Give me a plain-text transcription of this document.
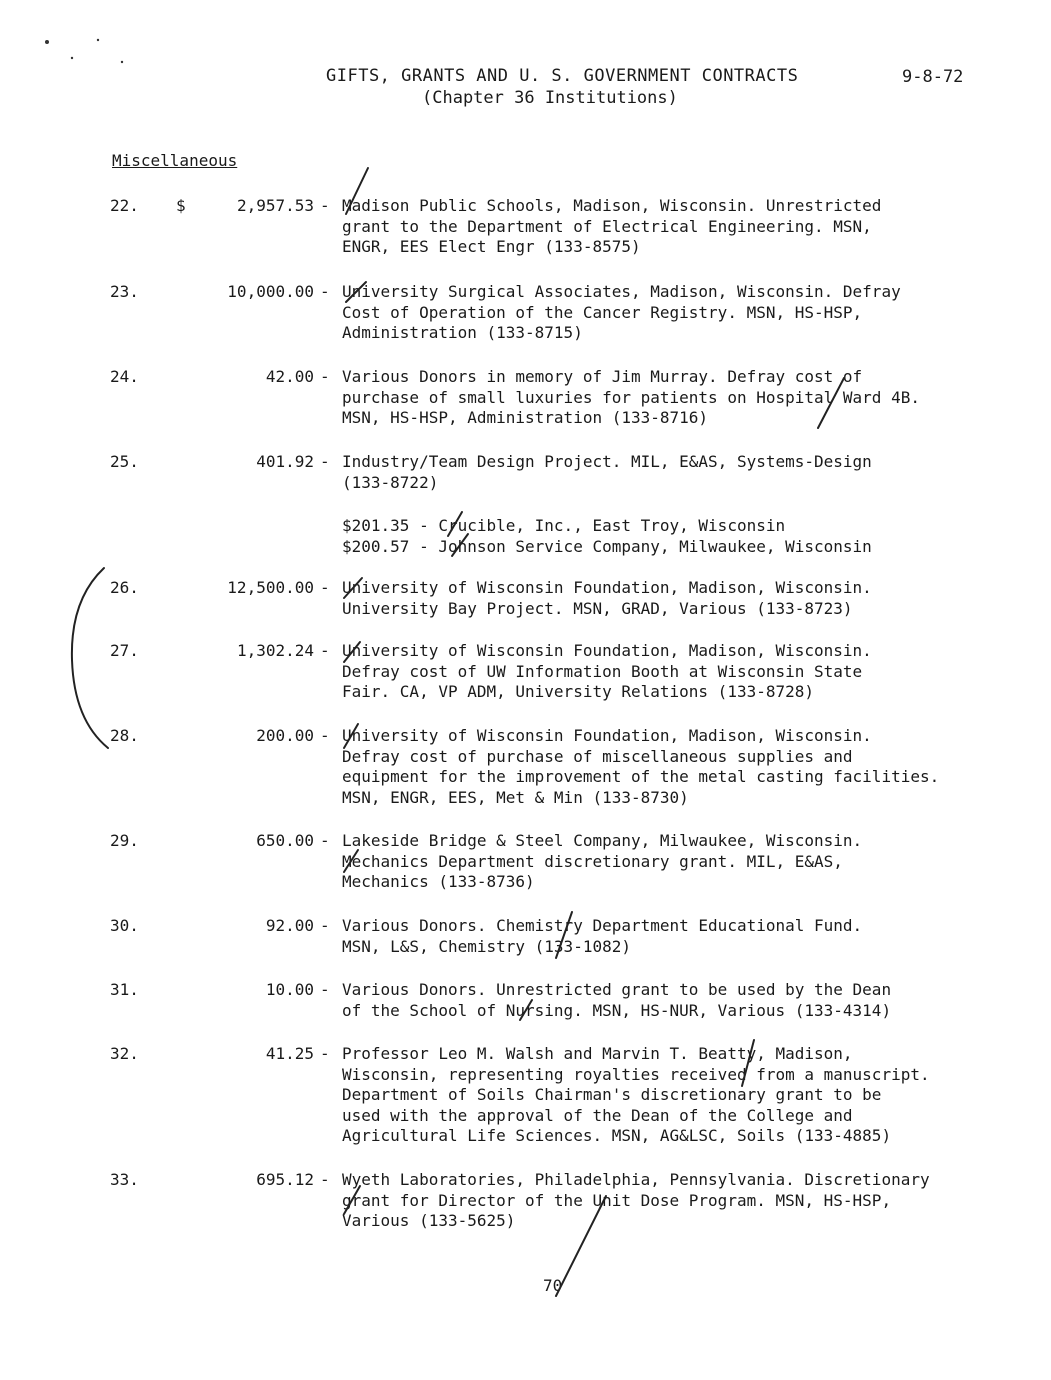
GIFTS, GRANTS AND U. S. GOVERNMENT CONTRACTS
(Chapter 36 Institutions)
9-8-72
Miscellaneous
22. $	2,957.53 - Madison Public Schools, Madison, Wisconsin. Unrestricted
grant to the Department of Electrical Engineering. MSN,
ENGR, EES Elect Engr (133-8575)
23.	10,000.00 - University Surgical Associates, Madison, Wisconsin. Defray
Cost of Operation of the Cancer Registry. MSN, HS-HSP,
Administration (133-8715)
24.	42.00 - Various Donors in memory of Jim Murray. Defray cost of
purchase of small luxuries for patients on Hospital Ward 4B.
MSN, HS-HSP, Administration (133-8716)
25.	401.92 - Industry/Team Design Project. MIL, E&AS, Systems-Design
(133-8722)
$201.35 - Crucible, Inc., East Troy, Wisconsin
$200.57 - Johnson Service Company, Milwaukee, Wisconsin
26.	12,500.00 - University of Wisconsin Foundation, Madison, Wisconsin.
University Bay Project. MSN, GRAD, Various (133-8723)
27.	1,302.24 - University of Wisconsin Foundation, Madison, Wisconsin.
Defray cost of UW Information Booth at Wisconsin State
Fair. CA, VP ADM, University Relations (133-8728)
28.	200.00 - University of Wisconsin Foundation, Madison, Wisconsin.
Defray cost of purchase of miscellaneous supplies and
equipment for the improvement of the metal casting facilities.
MSN, ENGR, EES, Met & Min (133-8730)
29.	650.00 - Lakeside Bridge & Steel Company, Milwaukee, Wisconsin.
Mechanics Department discretionary grant. MIL, E&AS,
Mechanics (133-8736)
30.	92.00 - Various Donors. Chemistry Department Educational Fund.
MSN, L&S, Chemistry (133-1082)
31.	10.00 - Various Donors. Unrestricted grant to be used by the Dean
of the School of Nursing. MSN, HS-NUR, Various (133-4314)
32.	41.25 - Professor Leo M. Walsh and Marvin T. Beatty, Madison,
Wisconsin, representing royalties received from a manuscript.
Department of Soils Chairman's discretionary grant to be
used with the approval of the Dean of the College and
Agricultural Life Sciences. MSN, AG&LSC, Soils (133-4885)
33.	695.12 - Wyeth Laboratories, Philadelphia, Pennsylvania. Discretionary
grant for Director of the Unit Dose Program. MSN, HS-HSP,
Various (133-5625)
70
